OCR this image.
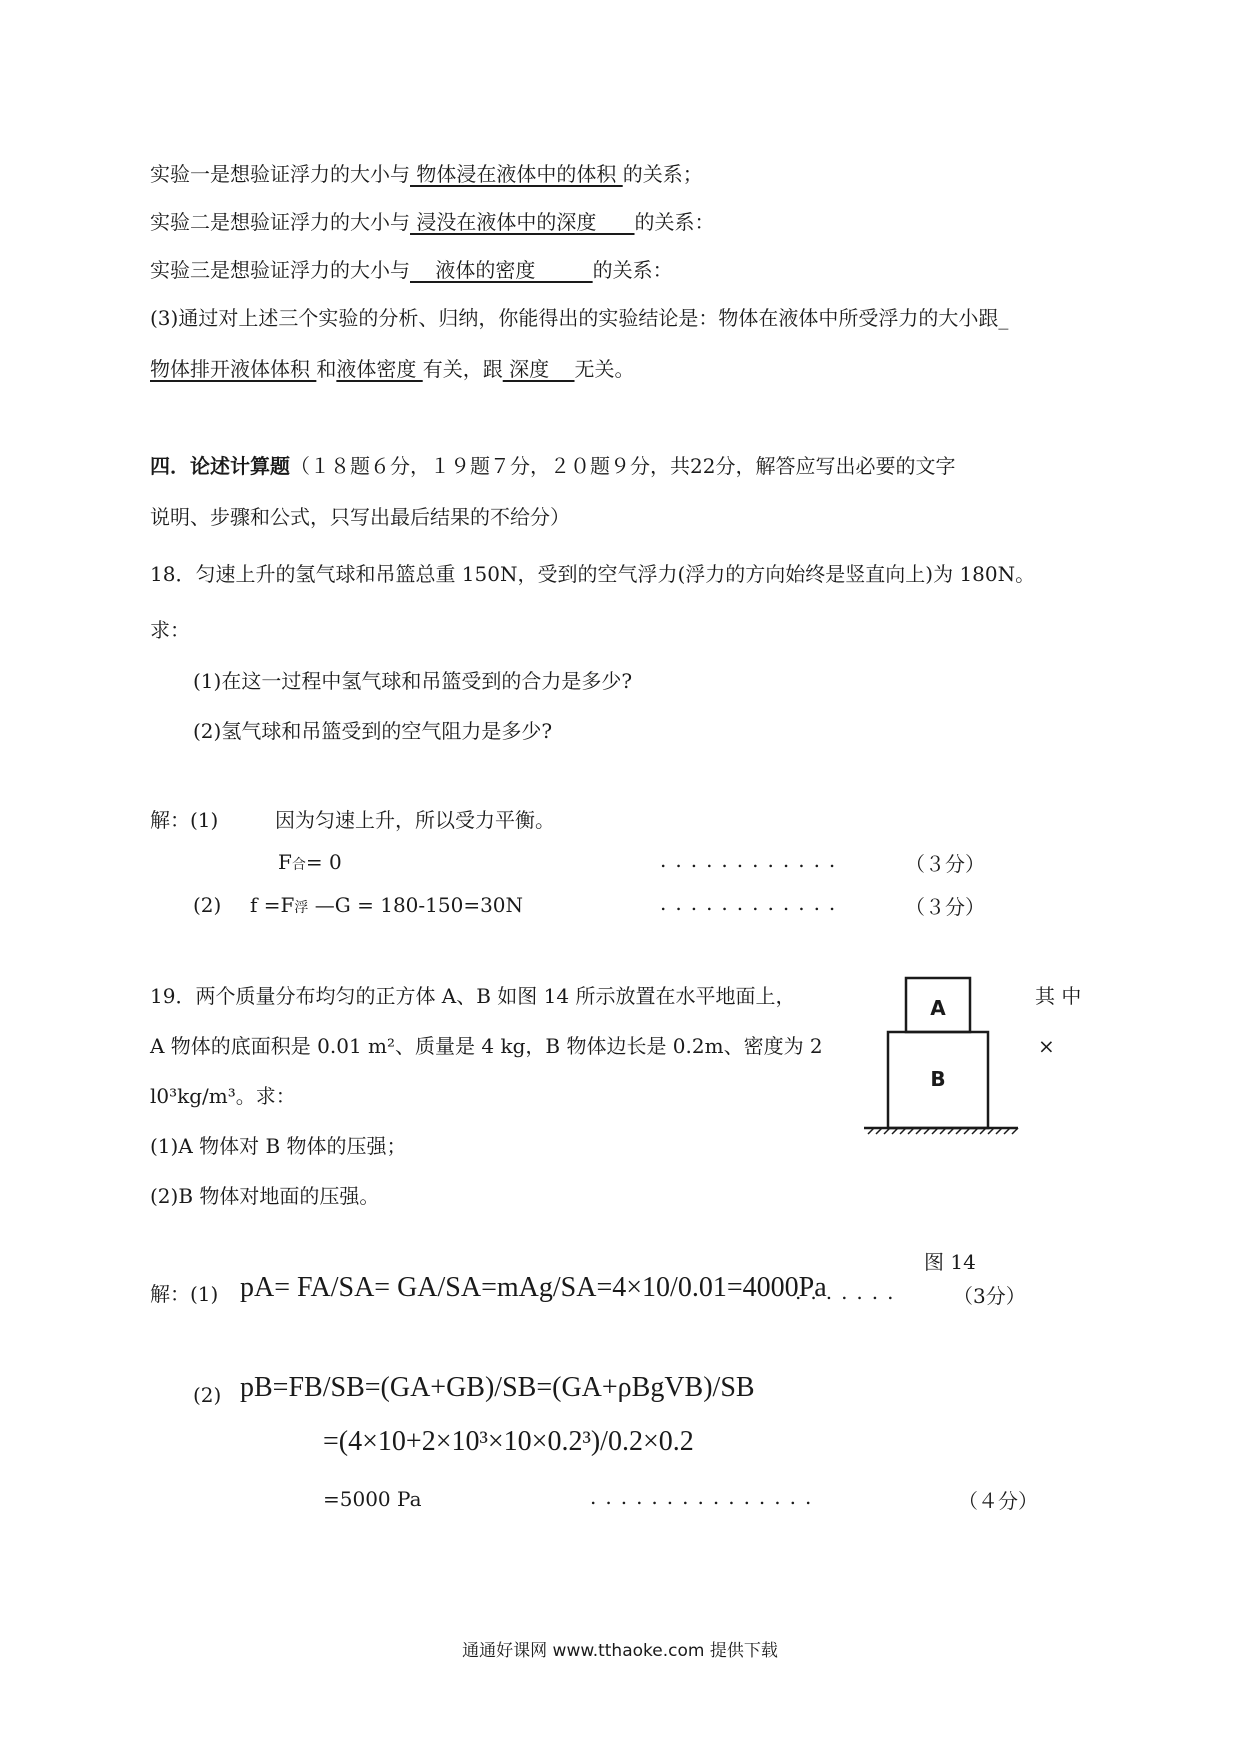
实验一是想验证浮力的大小与 物体浸在液体中的体积 的关系；
实验二是想验证浮力的大小与 浸没在液体中的深度      的关系：
实验三是想验证浮力的大小与    液体的密度         的关系：
(3)通过对上述三个实验的分析、归纳，你能得出的实验结论是：物体在液体中所受浮力的大小跟_
物体排开液体体积 和液体密度 有关，跟 深度    无关。
四．论述计算题（１８题６分，１９题７分，２０题９分，共22分，解答应写出必要的文字
说明、步骤和公式，只写出最后结果的不给分）
18．匀速上升的氢气球和吊篮总重 150N，受到的空气浮力(浮力的方向始终是竖直向上)为 180N。
求：
(1)在这一过程中氢气球和吊篮受到的合力是多少?
(2)氢气球和吊篮受到的空气阻力是多少?
解：(1)	因为匀速上升，所以受力平衡。
F合= 0	............	（３分）
(2) f =F浮 —G = 180-150=30N	............	（３分）
19．两个质量分布均匀的正方体 A、B 如图 14 所示放置在水平地面上，	其 中
A 物体的底面积是 0.01 m²、质量是 4 kg，B 物体边长是 0.2m、密度为 2	×
l0³kg/m³。求：
(1)A 物体对 B 物体的压强；
(2)B 物体对地面的压强。
A
B
图 14
解：(1) pA= FA/SA= GA/SA=mAg/SA=4×10/0.01=4000Pa
.......	（3分）
(2) pB=FB/SB=(GA+GB)/SB=(GA+ρBgVB)/SB
=(4×10+2×10³×10×0.2³)/0.2×0.2
=5000 Pa	...............	（４分）
通通好课网 www.tthaoke.com 提供下载
